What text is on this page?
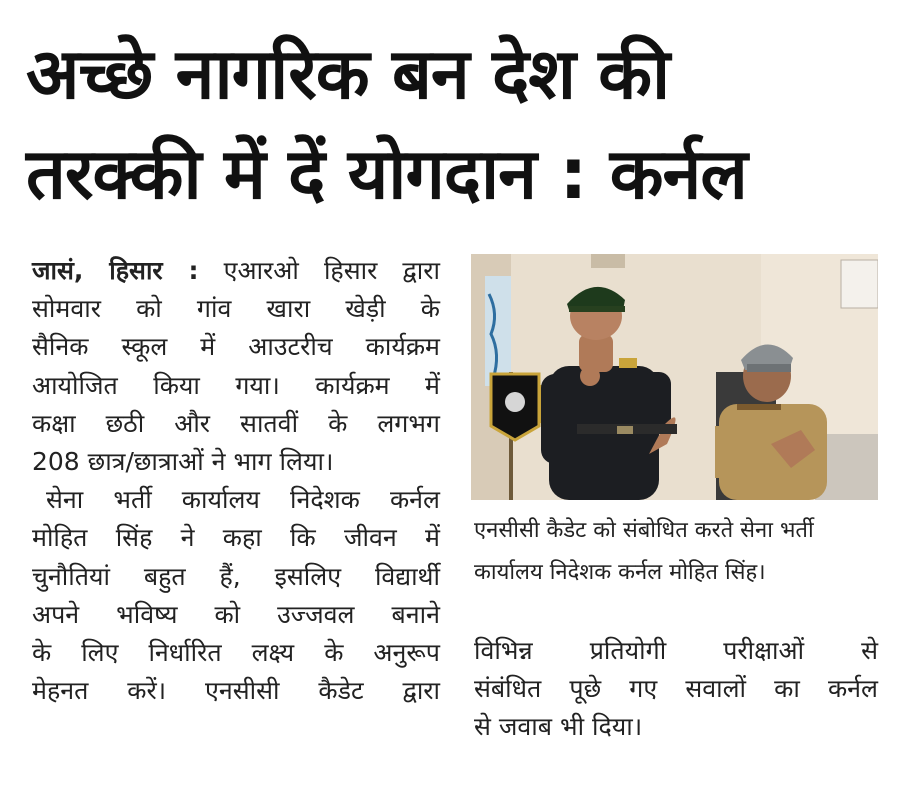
अच्छे नागरिक बन देश की
तरक्की में दें योगदान : कर्नल
जासं, हिसार : एआरओ हिसार द्वारा
सोमवार को गांव खारा खेड़ी के
सैनिक स्कूल में आउटरीच कार्यक्रम
आयोजित किया गया। कार्यक्रम में
कक्षा छठी और सातवीं के लगभग
208 छात्र/छात्राओं ने भाग लिया।
सेना भर्ती कार्यालय निदेशक कर्नल
मोहित सिंह ने कहा कि जीवन में
चुनौतियां बहुत हैं, इसलिए विद्यार्थी
अपने भविष्य को उज्जवल बनाने
के लिए निर्धारित लक्ष्य के अनुरूप
मेहनत करें। एनसीसी कैडेट द्वारा
एनसीसी कैडेट को संबोधित करते सेना भर्ती
कार्यालय निदेशक कर्नल मोहित सिंह।
विभिन्न प्रतियोगी परीक्षाओं से
संबंधित पूछे गए सवालों का कर्नल
से जवाब भी दिया।
